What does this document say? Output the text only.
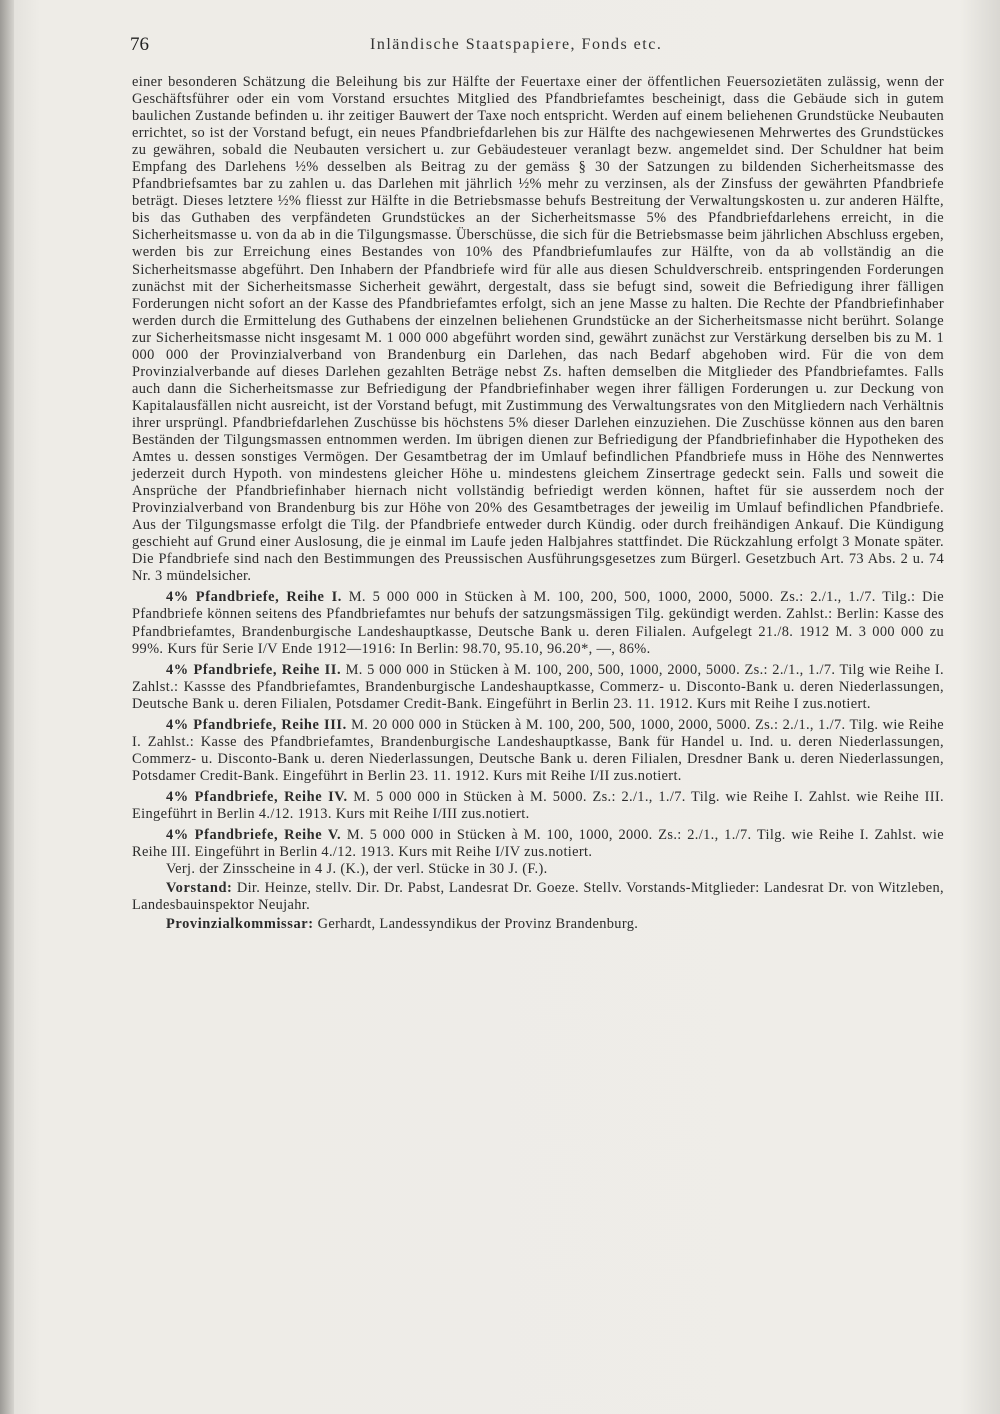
76	Inländische Staatspapiere, Fonds etc.

einer besonderen Schätzung die Beleihung bis zur Hälfte der Feuertaxe einer der öffentlichen Feuersozietäten zulässig, wenn der Geschäftsführer oder ein vom Vorstand ersuchtes Mitglied des Pfandbriefamtes bescheinigt, dass die Gebäude sich in gutem baulichen Zustande befinden u. ihr zeitiger Bauwert der Taxe noch entspricht. Werden auf einem beliehenen Grundstücke Neubauten errichtet, so ist der Vorstand befugt, ein neues Pfandbriefdarlehen bis zur Hälfte des nachgewiesenen Mehrwertes des Grundstückes zu gewähren, sobald die Neubauten versichert u. zur Gebäudesteuer veranlagt bezw. angemeldet sind. Der Schuldner hat beim Empfang des Darlehens ½% desselben als Beitrag zu der gemäss § 30 der Satzungen zu bildenden Sicherheitsmasse des Pfandbriefsamtes bar zu zahlen u. das Darlehen mit jährlich ½% mehr zu verzinsen, als der Zinsfuss der gewährten Pfandbriefe beträgt. Dieses letztere ½% fliesst zur Hälfte in die Betriebsmasse behufs Bestreitung der Verwaltungskosten u. zur anderen Hälfte, bis das Guthaben des verpfändeten Grundstückes an der Sicherheitsmasse 5% des Pfandbriefdarlehens erreicht, in die Sicherheitsmasse u. von da ab in die Tilgungsmasse. Überschüsse, die sich für die Betriebsmasse beim jährlichen Abschluss ergeben, werden bis zur Erreichung eines Bestandes von 10% des Pfandbriefumlaufes zur Hälfte, von da ab vollständig an die Sicherheitsmasse abgeführt. Den Inhabern der Pfandbriefe wird für alle aus diesen Schuldverschreib. entspringenden Forderungen zunächst mit der Sicherheitsmasse Sicherheit gewährt, dergestalt, dass sie befugt sind, soweit die Befriedigung ihrer fälligen Forderungen nicht sofort an der Kasse des Pfandbriefamtes erfolgt, sich an jene Masse zu halten. Die Rechte der Pfandbriefinhaber werden durch die Ermittelung des Guthabens der einzelnen beliehenen Grundstücke an der Sicherheitsmasse nicht berührt. Solange zur Sicherheitsmasse nicht insgesamt M. 1 000 000 abgeführt worden sind, gewährt zunächst zur Verstärkung derselben bis zu M. 1 000 000 der Provinzialverband von Brandenburg ein Darlehen, das nach Bedarf abgehoben wird. Für die von dem Provinzialverbande auf dieses Darlehen gezahlten Beträge nebst Zs. haften demselben die Mitglieder des Pfandbriefamtes. Falls auch dann die Sicherheitsmasse zur Befriedigung der Pfandbriefinhaber wegen ihrer fälligen Forderungen u. zur Deckung von Kapitalausfällen nicht ausreicht, ist der Vorstand befugt, mit Zustimmung des Verwaltungsrates von den Mitgliedern nach Verhältnis ihrer ursprüngl. Pfandbriefdarlehen Zuschüsse bis höchstens 5% dieser Darlehen einzuziehen. Die Zuschüsse können aus den baren Beständen der Tilgungsmassen entnommen werden. Im übrigen dienen zur Befriedigung der Pfandbriefinhaber die Hypotheken des Amtes u. dessen sonstiges Vermögen. Der Gesamtbetrag der im Umlauf befindlichen Pfandbriefe muss in Höhe des Nennwertes jederzeit durch Hypoth. von mindestens gleicher Höhe u. mindestens gleichem Zinsertrage gedeckt sein. Falls und soweit die Ansprüche der Pfandbriefinhaber hiernach nicht vollständig befriedigt werden können, haftet für sie ausserdem noch der Provinzialverband von Brandenburg bis zur Höhe von 20% des Gesamtbetrages der jeweilig im Umlauf befindlichen Pfandbriefe. Aus der Tilgungsmasse erfolgt die Tilg. der Pfandbriefe entweder durch Kündig. oder durch freihändigen Ankauf. Die Kündigung geschieht auf Grund einer Auslosung, die je einmal im Laufe jeden Halbjahres stattfindet. Die Rückzahlung erfolgt 3 Monate später. Die Pfandbriefe sind nach den Bestimmungen des Preussischen Ausführungsgesetzes zum Bürgerl. Gesetzbuch Art. 73 Abs. 2 u. 74 Nr. 3 mündelsicher.

4% Pfandbriefe, Reihe I. M. 5 000 000 in Stücken à M. 100, 200, 500, 1000, 2000, 5000. Zs.: 2./1., 1./7. Tilg.: Die Pfandbriefe können seitens des Pfandbriefamtes nur behufs der satzungsmässigen Tilg. gekündigt werden. Zahlst.: Berlin: Kasse des Pfandbriefamtes, Brandenburgische Landeshauptkasse, Deutsche Bank u. deren Filialen. Aufgelegt 21./8. 1912 M. 3 000 000 zu 99%. Kurs für Serie I/V Ende 1912—1916: In Berlin: 98.70, 95.10, 96.20*, —, 86%.

4% Pfandbriefe, Reihe II. M. 5 000 000 in Stücken à M. 100, 200, 500, 1000, 2000, 5000. Zs.: 2./1., 1./7. Tilg wie Reihe I. Zahlst.: Kassse des Pfandbriefamtes, Brandenburgische Landeshauptkasse, Commerz- u. Disconto-Bank u. deren Niederlassungen, Deutsche Bank u. deren Filialen, Potsdamer Credit-Bank. Eingeführt in Berlin 23. 11. 1912. Kurs mit Reihe I zus.notiert.

4% Pfandbriefe, Reihe III. M. 20 000 000 in Stücken à M. 100, 200, 500, 1000, 2000, 5000. Zs.: 2./1., 1./7. Tilg. wie Reihe I. Zahlst.: Kasse des Pfandbriefamtes, Brandenburgische Landeshauptkasse, Bank für Handel u. Ind. u. deren Niederlassungen, Commerz- u. Disconto-Bank u. deren Niederlassungen, Deutsche Bank u. deren Filialen, Dresdner Bank u. deren Niederlassungen, Potsdamer Credit-Bank. Eingeführt in Berlin 23. 11. 1912. Kurs mit Reihe I/II zus.notiert.

4% Pfandbriefe, Reihe IV. M. 5 000 000 in Stücken à M. 5000. Zs.: 2./1., 1./7. Tilg. wie Reihe I. Zahlst. wie Reihe III. Eingeführt in Berlin 4./12. 1913. Kurs mit Reihe I/III zus.notiert.

4% Pfandbriefe, Reihe V. M. 5 000 000 in Stücken à M. 100, 1000, 2000. Zs.: 2./1., 1./7. Tilg. wie Reihe I. Zahlst. wie Reihe III. Eingeführt in Berlin 4./12. 1913. Kurs mit Reihe I/IV zus.notiert.

Verj. der Zinsscheine in 4 J. (K.), der verl. Stücke in 30 J. (F.).

Vorstand: Dir. Heinze, stellv. Dir. Dr. Pabst, Landesrat Dr. Goeze. Stellv. Vorstands-Mitglieder: Landesrat Dr. von Witzleben, Landesbauinspektor Neujahr.

Provinzialkommissar: Gerhardt, Landessyndikus der Provinz Brandenburg.
